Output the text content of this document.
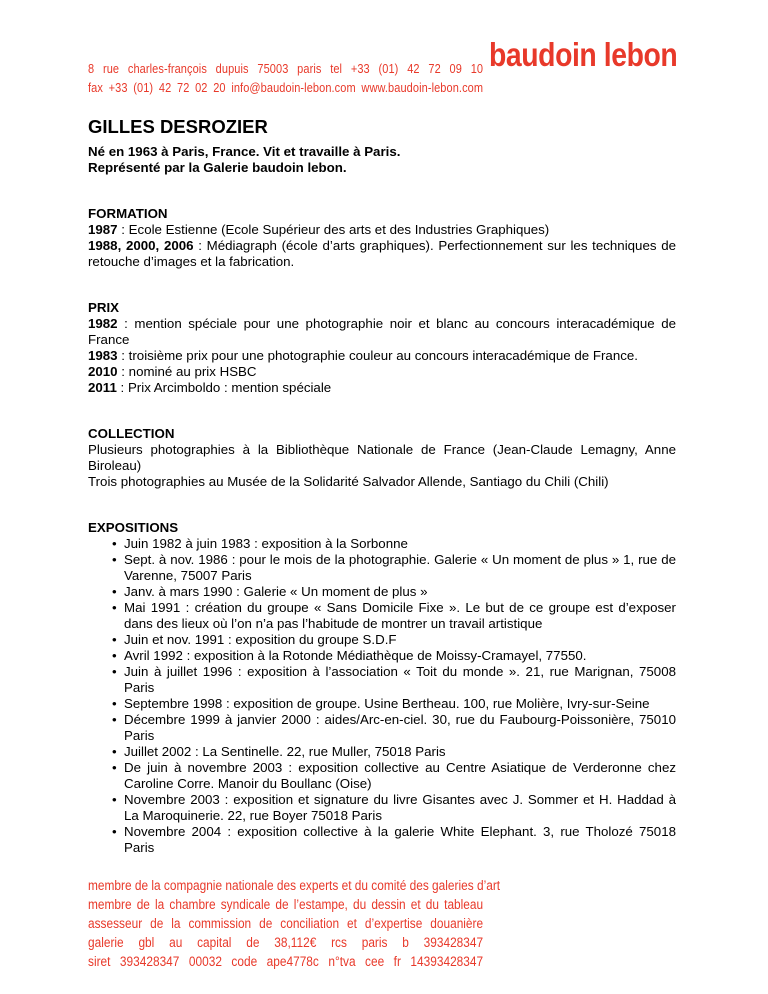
8 rue charles-françois dupuis 75003 paris tel +33 (01) 42 72 09 10
fax +33 (01) 42 72 02 20 info@baudoin-lebon.com www.baudoin-lebon.com
baudoin lebon
GILLES DESROZIER
Né en 1963 à Paris, France. Vit et travaille à Paris.
Représenté par la Galerie baudoin lebon.
FORMATION
1987 : Ecole Estienne (Ecole Supérieur des arts et des Industries Graphiques)
1988, 2000, 2006 : Médiagraph (école d’arts graphiques). Perfectionnement sur les techniques de retouche d’images et la fabrication.
PRIX
1982 : mention spéciale pour une photographie noir et blanc au concours interacadémique de France
1983 : troisième prix pour une photographie couleur au concours interacadémique de France.
2010 : nominé au prix HSBC
2011 : Prix Arcimboldo : mention spéciale
COLLECTION
Plusieurs photographies à la Bibliothèque Nationale de France (Jean-Claude Lemagny, Anne Biroleau)
Trois photographies au Musée de la Solidarité Salvador Allende, Santiago du Chili (Chili)
EXPOSITIONS
• Juin 1982 à juin 1983 : exposition à la Sorbonne
• Sept. à nov. 1986 : pour le mois de la photographie. Galerie « Un moment de plus » 1, rue de Varenne, 75007 Paris
• Janv. à mars 1990 : Galerie « Un moment de plus »
• Mai 1991 : création du groupe « Sans Domicile Fixe ». Le but de ce groupe est d’exposer dans des lieux où l’on n’a pas l’habitude de montrer un travail artistique
• Juin et nov. 1991 : exposition du groupe S.D.F
• Avril 1992 : exposition à la Rotonde Médiathèque de Moissy-Cramayel, 77550.
• Juin à juillet 1996 : exposition à l’association « Toit du monde ». 21, rue Marignan, 75008 Paris
• Septembre 1998 : exposition de groupe. Usine Bertheau. 100, rue Molière, Ivry-sur-Seine
• Décembre 1999 à janvier 2000 : aides/Arc-en-ciel. 30, rue du Faubourg-Poissonière, 75010 Paris
• Juillet 2002 : La Sentinelle. 22, rue Muller, 75018 Paris
• De juin à novembre 2003 : exposition collective au Centre Asiatique de Verderonne chez Caroline Corre. Manoir du Boullanc (Oise)
• Novembre 2003 : exposition et signature du livre Gisantes avec J. Sommer et H. Haddad à La Maroquinerie. 22, rue Boyer 75018 Paris
• Novembre 2004 : exposition collective à la galerie White Elephant. 3, rue Tholozé 75018 Paris
membre de la compagnie nationale des experts et du comité des galeries d’art
membre de la chambre syndicale de l’estampe, du dessin et du tableau
assesseur de la commission de conciliation et d’expertise douanière
galerie gbl au capital de 38,112€ rcs paris b 393428347
siret 393428347 00032 code ape4778c n°tva cee fr 14393428347
